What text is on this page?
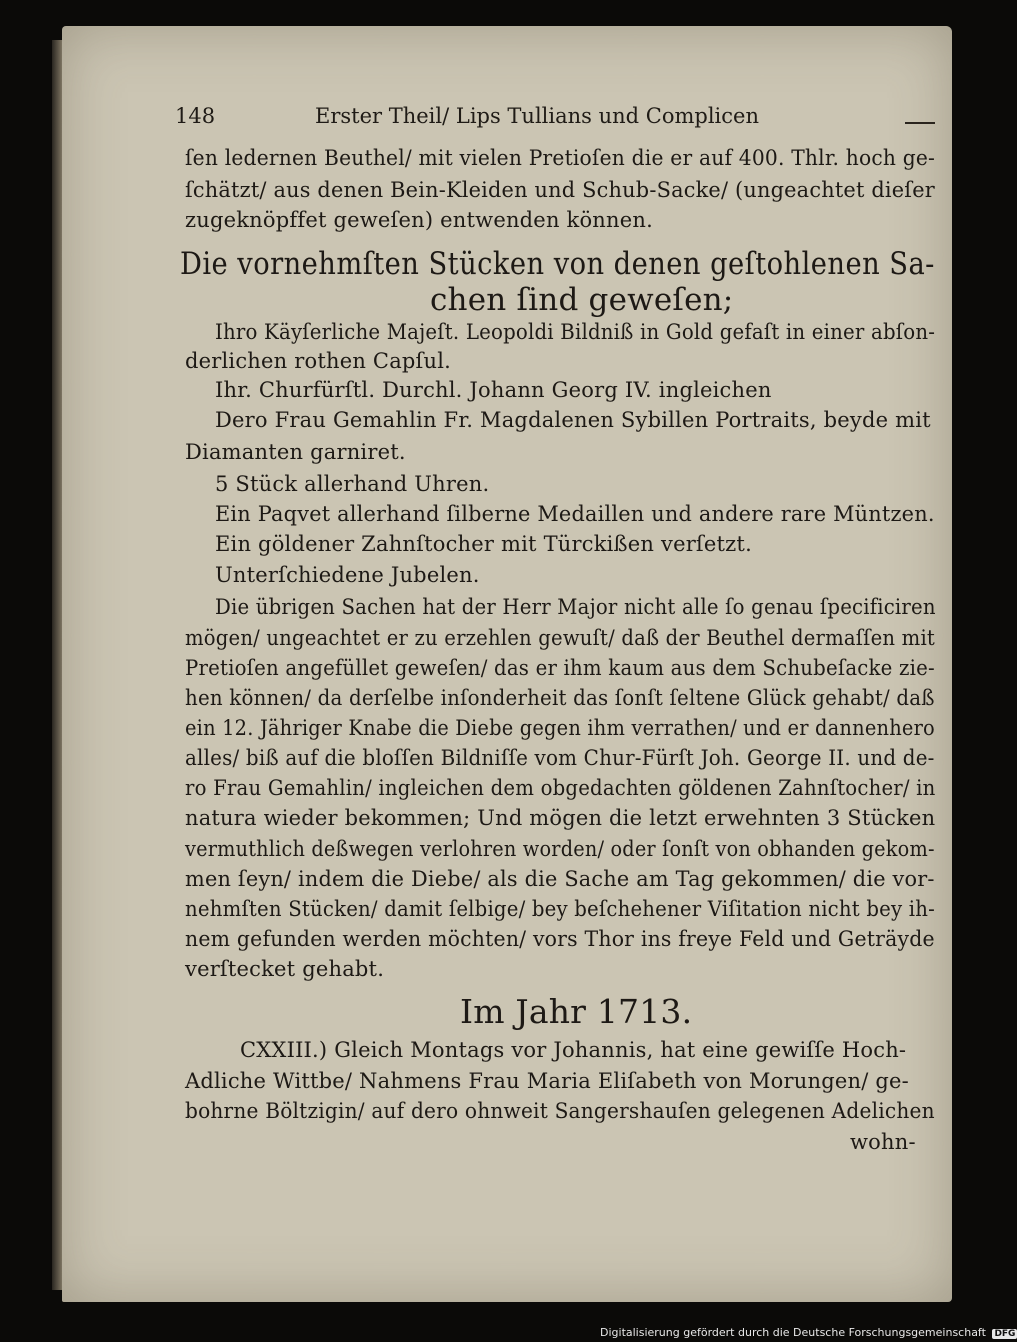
148	Erster Theil/ Lips Tullians und Complicen
ſen ledernen Beuthel/ mit vielen Pretioſen die er auf 400. Thlr. hoch ge-
ſchätzt/ aus denen Bein-Kleiden und Schub-Sacke/ (ungeachtet dieſer
zugeknöpffet geweſen) entwenden können.
Die vornehmſten Stücken von denen geſtohlenen Sa-
chen ſind geweſen;
Ihro Käyſerliche Majeſt. Leopoldi Bildniß in Gold gefaſt in einer abſon-
derlichen rothen Capſul.
Ihr. Churfürſtl. Durchl. Johann Georg IV. ingleichen
Dero Frau Gemahlin Fr. Magdalenen Sybillen Portraits, beyde mit
Diamanten garniret.
5 Stück allerhand Uhren.
Ein Paqvet allerhand ſilberne Medaillen und andere rare Müntzen.
Ein göldener Zahnſtocher mit Türckißen verſetzt.
Unterſchiedene Jubelen.
Die übrigen Sachen hat der Herr Major nicht alle ſo genau ſpecificiren
mögen/ ungeachtet er zu erzehlen gewuſt/ daß der Beuthel dermaſſen mit
Pretioſen angefüllet geweſen/ das er ihm kaum aus dem Schubeſacke zie-
hen können/ da derſelbe inſonderheit das ſonſt ſeltene Glück gehabt/ daß
ein 12. Jähriger Knabe die Diebe gegen ihm verrathen/ und er dannenhero
alles/ biß auf die bloſſen Bildniſſe vom Chur-Fürſt Joh. George II. und de-
ro Frau Gemahlin/ ingleichen dem obgedachten göldenen Zahnſtocher/ in
natura wieder bekommen; Und mögen die letzt erwehnten 3 Stücken
vermuthlich deßwegen verlohren worden/ oder ſonſt von obhanden gekom-
men ſeyn/ indem die Diebe/ als die Sache am Tag gekommen/ die vor-
nehmſten Stücken/ damit ſelbige/ bey beſchehener Viſitation nicht bey ih-
nem gefunden werden möchten/ vors Thor ins freye Feld und Geträyde
verſtecket gehabt.
Im Jahr 1713.
CXXIII.) Gleich Montags vor Johannis, hat eine gewiſſe Hoch-
Adliche Wittbe/ Nahmens Frau Maria Eliſabeth von Morungen/ ge-
bohrne Böltzigin/ auf dero ohnweit Sangershauſen gelegenen Adelichen
wohn-
Digitalisierung gefördert durch die Deutsche Forschungsgemeinschaft DFG
